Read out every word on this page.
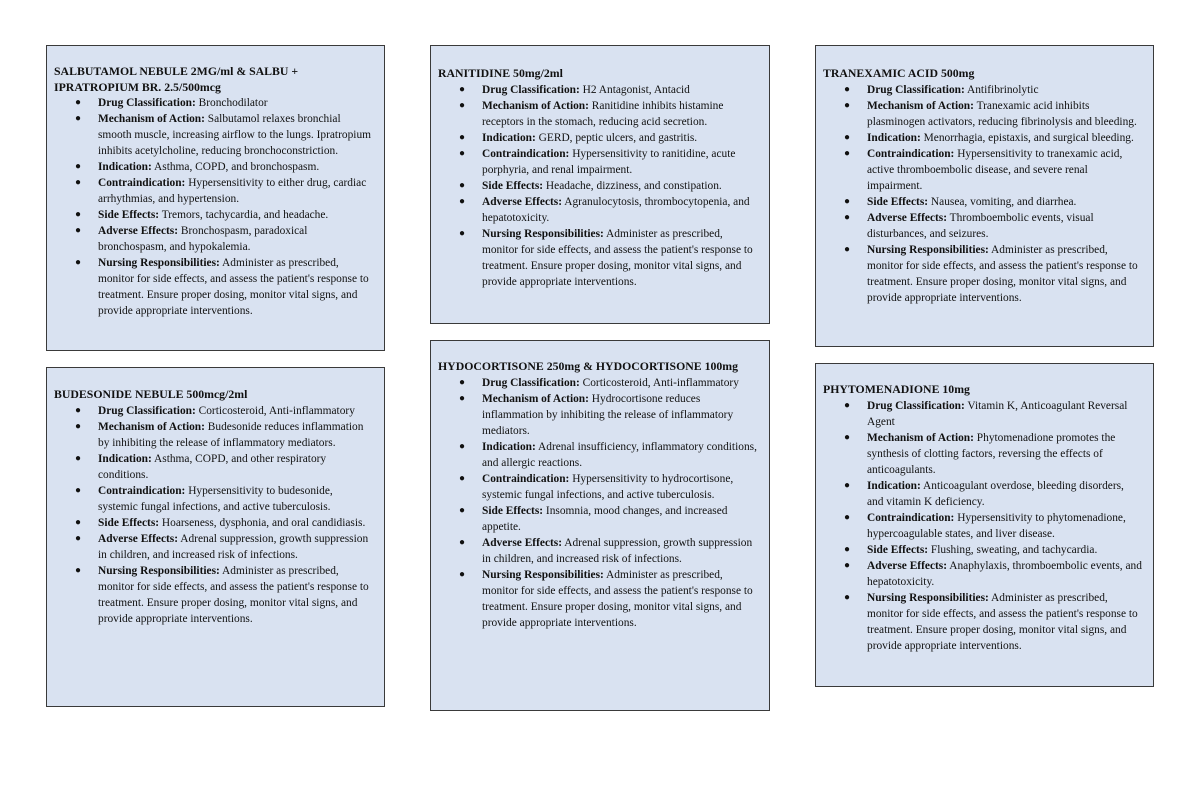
SALBUTAMOL NEBULE 2MG/ml & SALBU + IPRATROPIUM BR. 2.5/500mcg
● Drug Classification: Bronchodilator
● Mechanism of Action: Salbutamol relaxes bronchial smooth muscle, increasing airflow to the lungs. Ipratropium inhibits acetylcholine, reducing bronchoconstriction.
● Indication: Asthma, COPD, and bronchospasm.
● Contraindication: Hypersensitivity to either drug, cardiac arrhythmias, and hypertension.
● Side Effects: Tremors, tachycardia, and headache.
● Adverse Effects: Bronchospasm, paradoxical bronchospasm, and hypokalemia.
● Nursing Responsibilities: Administer as prescribed, monitor for side effects, and assess the patient's response to treatment. Ensure proper dosing, monitor vital signs, and provide appropriate interventions.
BUDESONIDE NEBULE 500mcg/2ml
● Drug Classification: Corticosteroid, Anti-inflammatory
● Mechanism of Action: Budesonide reduces inflammation by inhibiting the release of inflammatory mediators.
● Indication: Asthma, COPD, and other respiratory conditions.
● Contraindication: Hypersensitivity to budesonide, systemic fungal infections, and active tuberculosis.
● Side Effects: Hoarseness, dysphonia, and oral candidiasis.
● Adverse Effects: Adrenal suppression, growth suppression in children, and increased risk of infections.
● Nursing Responsibilities: Administer as prescribed, monitor for side effects, and assess the patient's response to treatment. Ensure proper dosing, monitor vital signs, and provide appropriate interventions.
RANITIDINE 50mg/2ml
● Drug Classification: H2 Antagonist, Antacid
● Mechanism of Action: Ranitidine inhibits histamine receptors in the stomach, reducing acid secretion.
● Indication: GERD, peptic ulcers, and gastritis.
● Contraindication: Hypersensitivity to ranitidine, acute porphyria, and renal impairment.
● Side Effects: Headache, dizziness, and constipation.
● Adverse Effects: Agranulocytosis, thrombocytopenia, and hepatotoxicity.
● Nursing Responsibilities: Administer as prescribed, monitor for side effects, and assess the patient's response to treatment. Ensure proper dosing, monitor vital signs, and provide appropriate interventions.
HYDOCORTISONE 250mg & HYDOCORTISONE 100mg
● Drug Classification: Corticosteroid, Anti-inflammatory
● Mechanism of Action: Hydrocortisone reduces inflammation by inhibiting the release of inflammatory mediators.
● Indication: Adrenal insufficiency, inflammatory conditions, and allergic reactions.
● Contraindication: Hypersensitivity to hydrocortisone, systemic fungal infections, and active tuberculosis.
● Side Effects: Insomnia, mood changes, and increased appetite.
● Adverse Effects: Adrenal suppression, growth suppression in children, and increased risk of infections.
● Nursing Responsibilities: Administer as prescribed, monitor for side effects, and assess the patient's response to treatment. Ensure proper dosing, monitor vital signs, and provide appropriate interventions.
TRANEXAMIC ACID 500mg
● Drug Classification: Antifibrinolytic
● Mechanism of Action: Tranexamic acid inhibits plasminogen activators, reducing fibrinolysis and bleeding.
● Indication: Menorrhagia, epistaxis, and surgical bleeding.
● Contraindication: Hypersensitivity to tranexamic acid, active thromboembolic disease, and severe renal impairment.
● Side Effects: Nausea, vomiting, and diarrhea.
● Adverse Effects: Thromboembolic events, visual disturbances, and seizures.
● Nursing Responsibilities: Administer as prescribed, monitor for side effects, and assess the patient's response to treatment. Ensure proper dosing, monitor vital signs, and provide appropriate interventions.
PHYTOMENADIONE 10mg
● Drug Classification: Vitamin K, Anticoagulant Reversal Agent
● Mechanism of Action: Phytomenadione promotes the synthesis of clotting factors, reversing the effects of anticoagulants.
● Indication: Anticoagulant overdose, bleeding disorders, and vitamin K deficiency.
● Contraindication: Hypersensitivity to phytomenadione, hypercoagulable states, and liver disease.
● Side Effects: Flushing, sweating, and tachycardia.
● Adverse Effects: Anaphylaxis, thromboembolic events, and hepatotoxicity.
● Nursing Responsibilities: Administer as prescribed, monitor for side effects, and assess the patient's response to treatment. Ensure proper dosing, monitor vital signs, and provide appropriate interventions.
